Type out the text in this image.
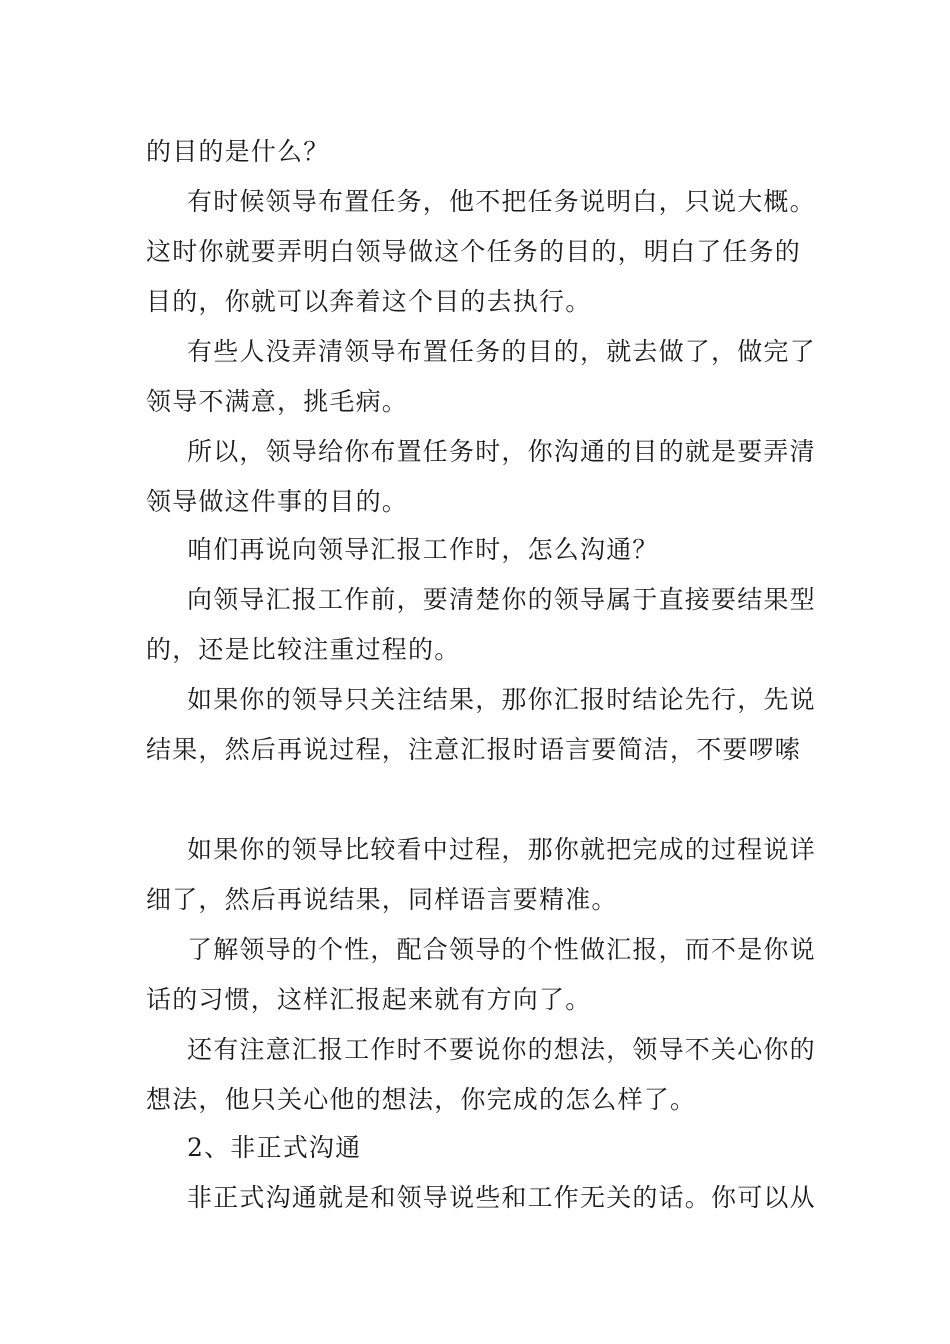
的目的是什么？
有时候领导布置任务，他不把任务说明白，只说大概。
这时你就要弄明白领导做这个任务的目的，明白了任务的
目的，你就可以奔着这个目的去执行。
有些人没弄清领导布置任务的目的，就去做了，做完了
领导不满意，挑毛病。
所以，领导给你布置任务时，你沟通的目的就是要弄清
领导做这件事的目的。
咱们再说向领导汇报工作时，怎么沟通？
向领导汇报工作前，要清楚你的领导属于直接要结果型
的，还是比较注重过程的。
如果你的领导只关注结果，那你汇报时结论先行，先说
结果，然后再说过程，注意汇报时语言要简洁，不要啰嗦
如果你的领导比较看中过程，那你就把完成的过程说详
细了，然后再说结果，同样语言要精准。
了解领导的个性，配合领导的个性做汇报，而不是你说
话的习惯，这样汇报起来就有方向了。
还有注意汇报工作时不要说你的想法，领导不关心你的
想法，他只关心他的想法，你完成的怎么样了。
2、非正式沟通
非正式沟通就是和领导说些和工作无关的话。你可以从
